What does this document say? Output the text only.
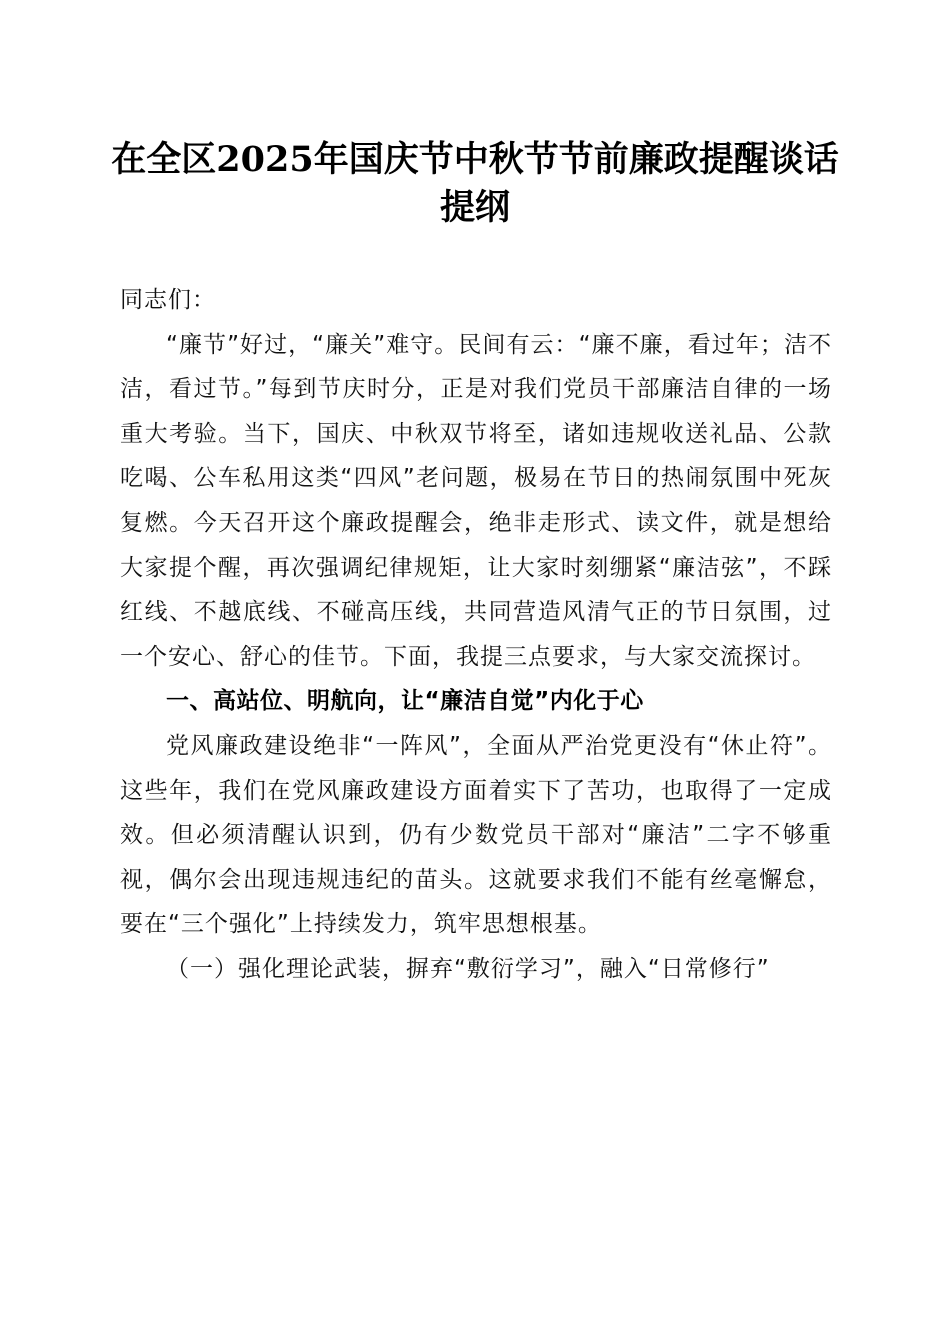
在全区2025年国庆节中秋节节前廉政提醒谈话提纲

同志们：

“廉节”好过，“廉关”难守。民间有云：“廉不廉，看过年；洁不洁，看过节。”每到节庆时分，正是对我们党员干部廉洁自律的一场重大考验。当下，国庆、中秋双节将至，诸如违规收送礼品、公款吃喝、公车私用这类“四风”老问题，极易在节日的热闹氛围中死灰复燃。今天召开这个廉政提醒会，绝非走形式、读文件，就是想给大家提个醒，再次强调纪律规矩，让大家时刻绷紧“廉洁弦”，不踩红线、不越底线、不碰高压线，共同营造风清气正的节日氛围，过一个安心、舒心的佳节。下面，我提三点要求，与大家交流探讨。

一、高站位、明航向，让“廉洁自觉”内化于心

党风廉政建设绝非“一阵风”，全面从严治党更没有“休止符”。这些年，我们在党风廉政建设方面着实下了苦功，也取得了一定成效。但必须清醒认识到，仍有少数党员干部对“廉洁”二字不够重视，偶尔会出现违规违纪的苗头。这就要求我们不能有丝毫懈怠，要在“三个强化”上持续发力，筑牢思想根基。

（一）强化理论武装，摒弃“敷衍学习”，融入“日常修行”
